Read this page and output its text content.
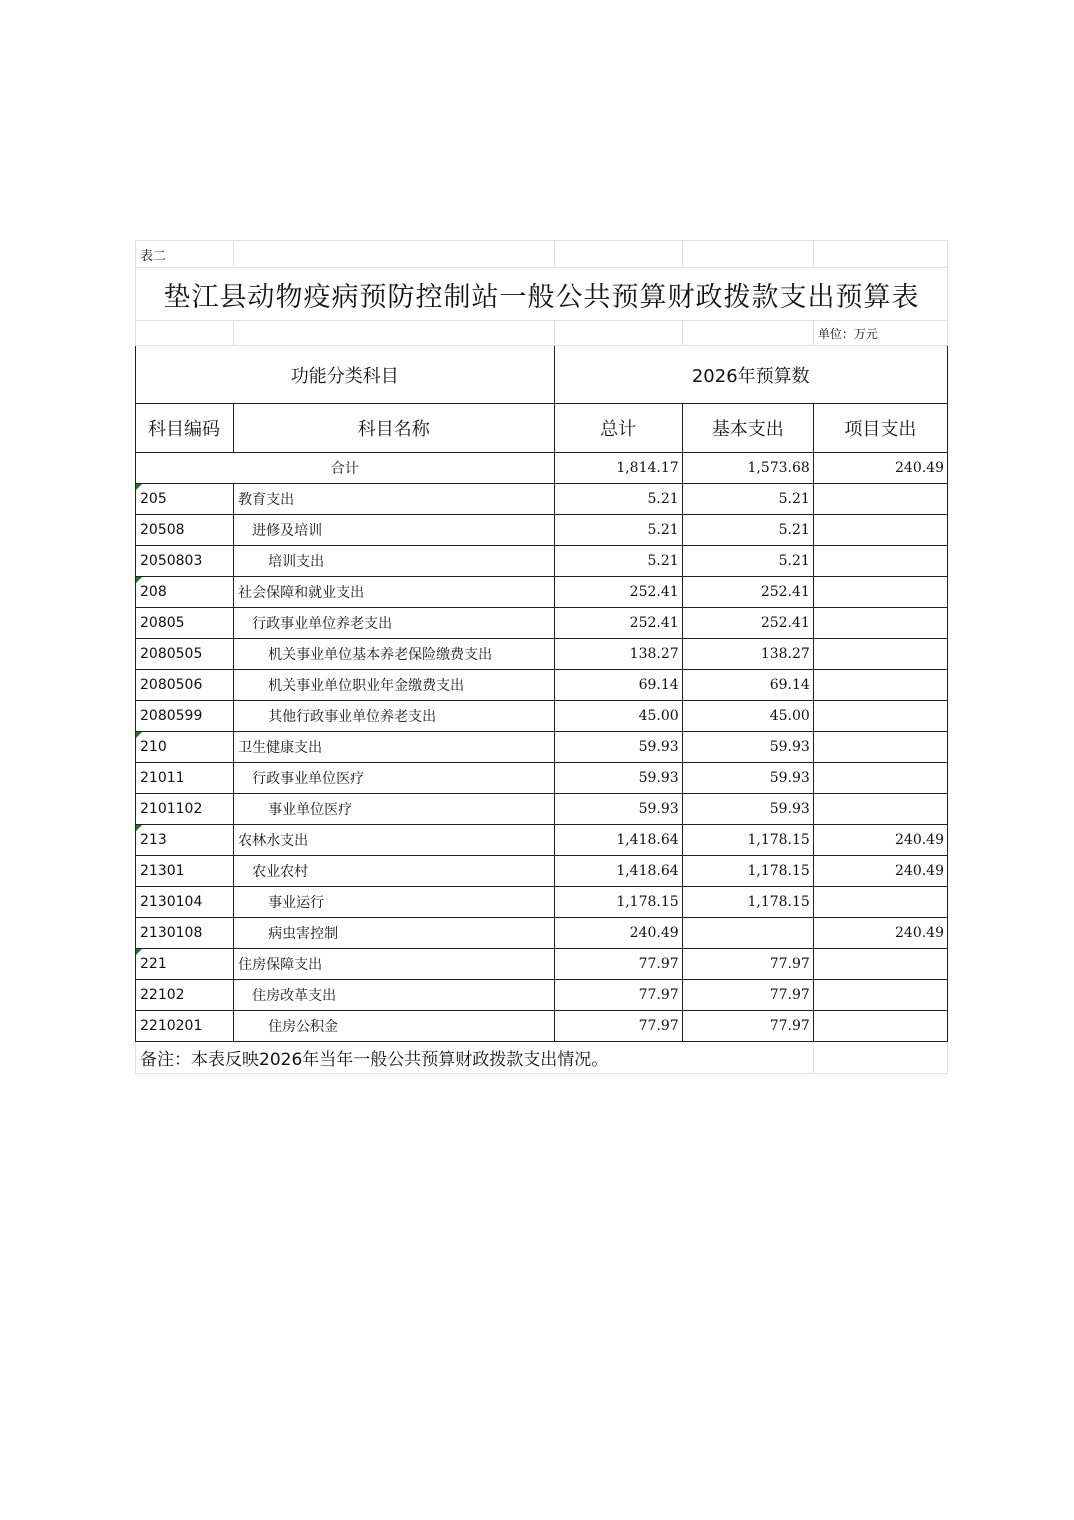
表二				
垫江县动物疫病预防控制站一般公共预算财政拨款支出预算表				
				单位：万元
功能分类科目		2026年预算数		
科目编码	科目名称	总计	基本支出	项目支出
合计		1,814.17	1,573.68	240.49
205	教育支出	5.21	5.21	
20508	进修及培训	5.21	5.21	
2050803	培训支出	5.21	5.21	
208	社会保障和就业支出	252.41	252.41	
20805	行政事业单位养老支出	252.41	252.41	
2080505	机关事业单位基本养老保险缴费支出	138.27	138.27	
2080506	机关事业单位职业年金缴费支出	69.14	69.14	
2080599	其他行政事业单位养老支出	45.00	45.00	
210	卫生健康支出	59.93	59.93	
21011	行政事业单位医疗	59.93	59.93	
2101102	事业单位医疗	59.93	59.93	
213	农林水支出	1,418.64	1,178.15	240.49
21301	农业农村	1,418.64	1,178.15	240.49
2130104	事业运行	1,178.15	1,178.15	
2130108	病虫害控制	240.49		240.49
221	住房保障支出	77.97	77.97	
22102	住房改革支出	77.97	77.97	
2210201	住房公积金	77.97	77.97	
备注：本表反映2026年当年一般公共预算财政拨款支出情况。				
